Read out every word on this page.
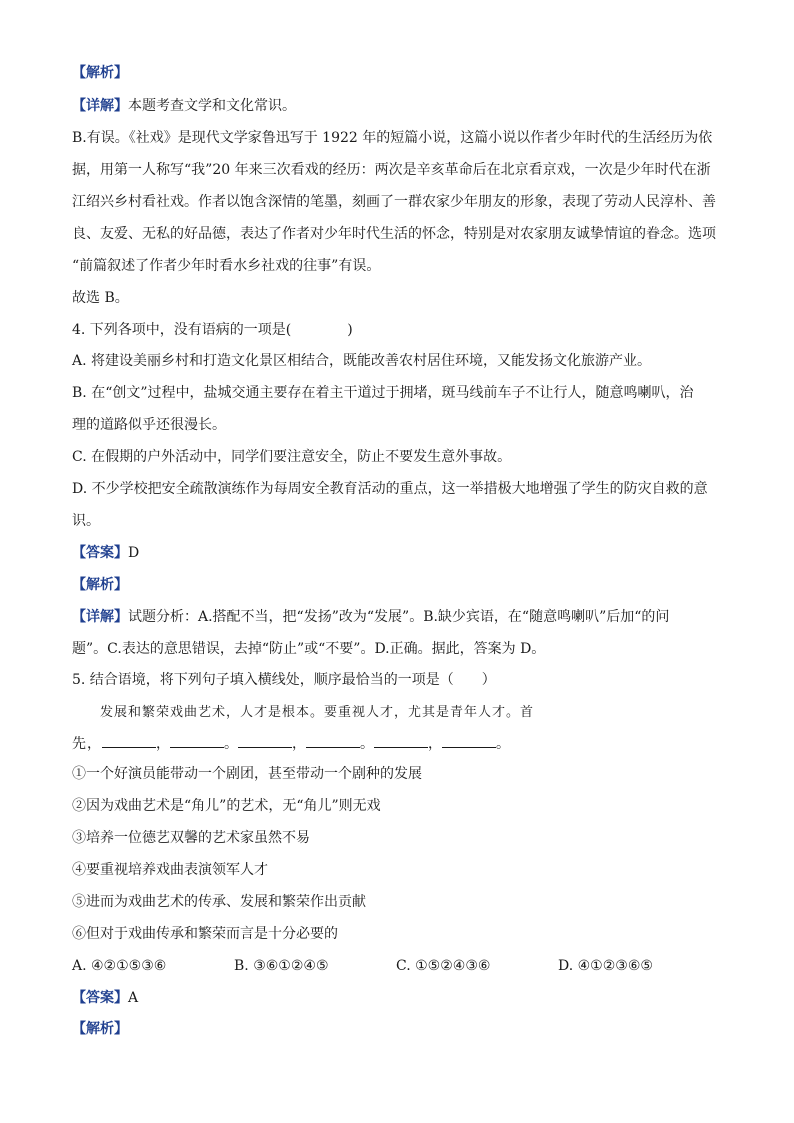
【解析】
【详解】本题考查文学和文化常识。
B.有误。《社戏》是现代文学家鲁迅写于 1922 年的短篇小说，这篇小说以作者少年时代的生活经历为依
据，用第一人称写“我”20 年来三次看戏的经历：两次是辛亥革命后在北京看京戏，一次是少年时代在浙
江绍兴乡村看社戏。作者以饱含深情的笔墨，刻画了一群农家少年朋友的形象，表现了劳动人民淳朴、善
良、友爱、无私的好品德，表达了作者对少年时代生活的怀念，特别是对农家朋友诚挚情谊的眷念。选项
“前篇叙述了作者少年时看水乡社戏的往事”有误。
故选 B。
4. 下列各项中，没有语病的一项是(　　　　)
A. 将建设美丽乡村和打造文化景区相结合，既能改善农村居住环境，又能发扬文化旅游产业。
B. 在“创文”过程中，盐城交通主要存在着主干道过于拥堵，斑马线前车子不让行人，随意鸣喇叭，治
理的道路似乎还很漫长。
C. 在假期的户外活动中，同学们要注意安全，防止不要发生意外事故。
D. 不少学校把安全疏散演练作为每周安全教育活动的重点，这一举措极大地增强了学生的防灾自救的意
识。
【答案】D
【解析】
【详解】试题分析：A.搭配不当，把“发扬”改为“发展”。B.缺少宾语，在“随意鸣喇叭”后加“的问
题”。C.表达的意思错误，去掉“防止”或“不要”。D.正确。据此，答案为 D。
5. 结合语境，将下列句子填入横线处，顺序最恰当的一项是（　　）
发展和繁荣戏曲艺术，人才是根本。要重视人才，尤其是青年人才。首
先，	，	。	，	。	，	。
①一个好演员能带动一个剧团，甚至带动一个剧种的发展
②因为戏曲艺术是“角儿”的艺术，无“角儿”则无戏
③培养一位德艺双馨的艺术家虽然不易
④要重视培养戏曲表演领军人才
⑤进而为戏曲艺术的传承、发展和繁荣作出贡献
⑥但对于戏曲传承和繁荣而言是十分必要的
A. ④②①⑤③⑥	B. ③⑥①②④⑤	C. ①⑤②④③⑥	D. ④①②③⑥⑤
【答案】A
【解析】
